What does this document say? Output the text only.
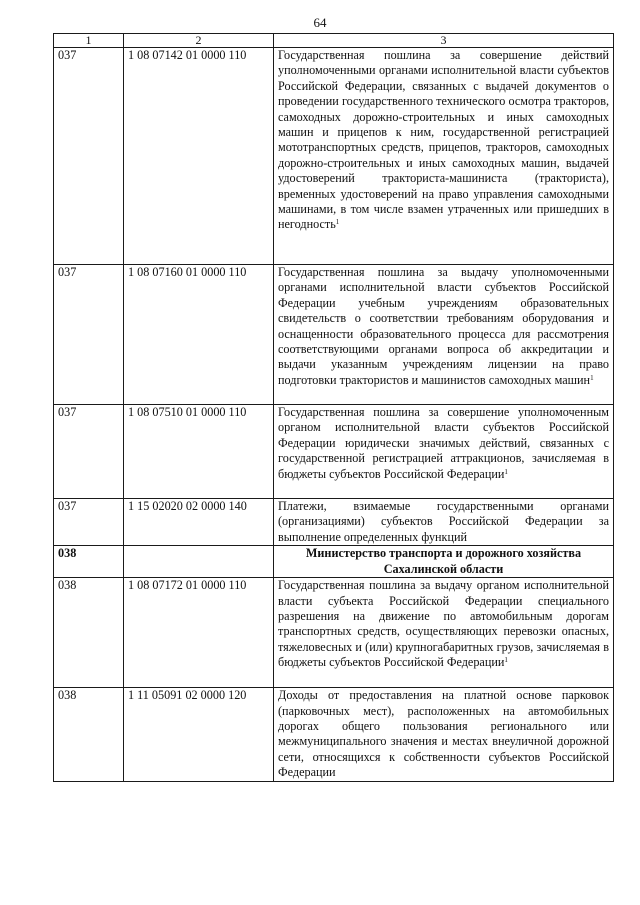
64
1	2	3
037	1 08 07142 01 0000 110	Государственная пошлина за совершение действий уполномоченными органами исполнительной власти субъектов Российской Федерации, связанных с выдачей документов о проведении государственного технического осмотра тракторов, самоходных дорожно-строительных и иных самоходных машин и прицепов к ним, государственной регистрацией мототранспортных средств, прицепов, тракторов, самоходных дорожно-строительных и иных самоходных машин, выдачей удостоверений тракториста-машиниста (тракториста), временных удостоверений на право управления самоходными машинами, в том числе взамен утраченных или пришедших в негодность$^1$
037	1 08 07160 01 0000 110	Государственная пошлина за выдачу уполномоченными органами исполнительной власти субъектов Российской Федерации учебным учреждениям образовательных свидетельств о соответствии требованиям оборудования и оснащенности образовательного процесса для рассмотрения соответствующими органами вопроса об аккредитации и выдачи указанным учреждениям лицензии на право подготовки трактористов и машинистов самоходных машин$^1$
037	1 08 07510 01 0000 110	Государственная пошлина за совершение уполномоченным органом исполнительной власти субъектов Российской Федерации юридически значимых действий, связанных с государственной регистрацией аттракционов, зачисляемая в бюджеты субъектов Российской Федерации$^1$
037	1 15 02020 02 0000 140	Платежи, взимаемые государственными органами (организациями) субъектов Российской Федерации за выполнение определенных функций
038		Министерство транспорта и дорожного хозяйства Сахалинской области
038	1 08 07172 01 0000 110	Государственная пошлина за выдачу органом исполнительной власти субъекта Российской Федерации специального разрешения на движение по автомобильным дорогам транспортных средств, осуществляющих перевозки опасных, тяжеловесных и (или) крупногабаритных грузов, зачисляемая в бюджеты субъектов Российской Федерации$^1$
038	1 11 05091 02 0000 120	Доходы от предоставления на платной основе парковок (парковочных мест), расположенных на автомобильных дорогах общего пользования регионального или межмуниципального значения и местах внеуличной дорожной сети, относящихся к собственности субъектов Российской Федерации
